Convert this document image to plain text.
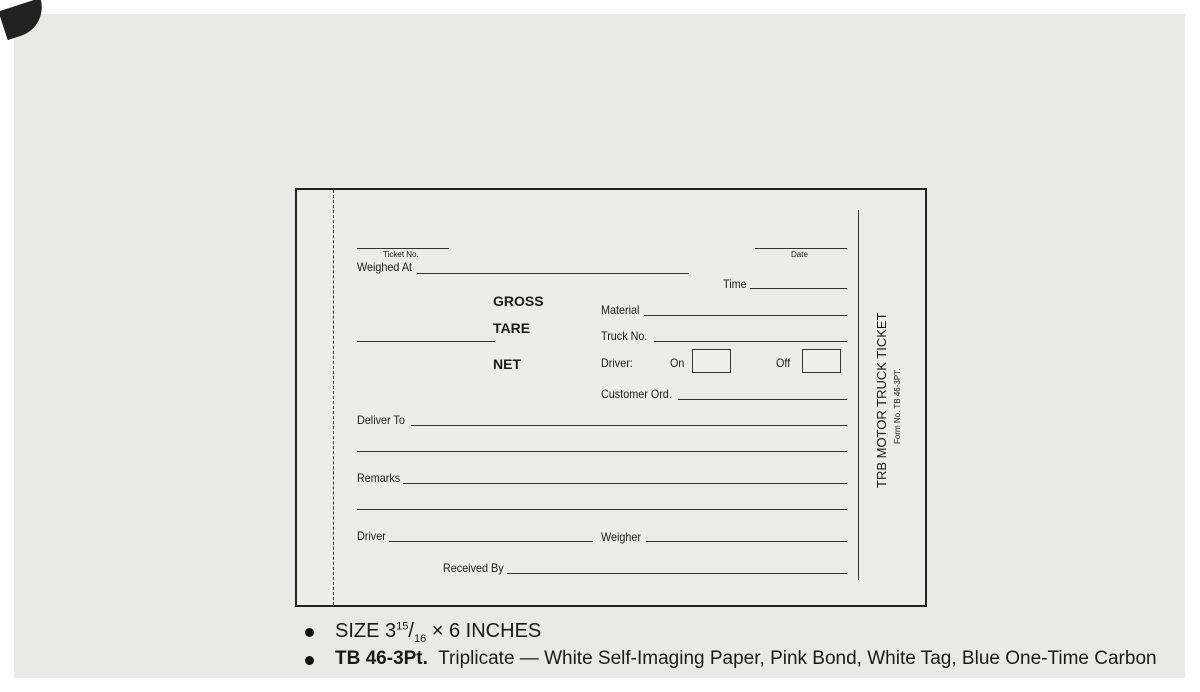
Ticket No.	Date
Weighed At
Time
GROSS
TARE
NET
Material
Truck No.
Driver:	On	Off
Customer Ord.
Deliver To
Remarks
Driver	Weigher
Received By
TRB MOTOR TRUCK TICKET Form No. TB 46-3PT.
SIZE $3^{15}/_{16} \times 6$ INCHES
TB 46-3Pt. Triplicate — White Self-Imaging Paper, Pink Bond, White Tag, Blue One-Time Carbon
